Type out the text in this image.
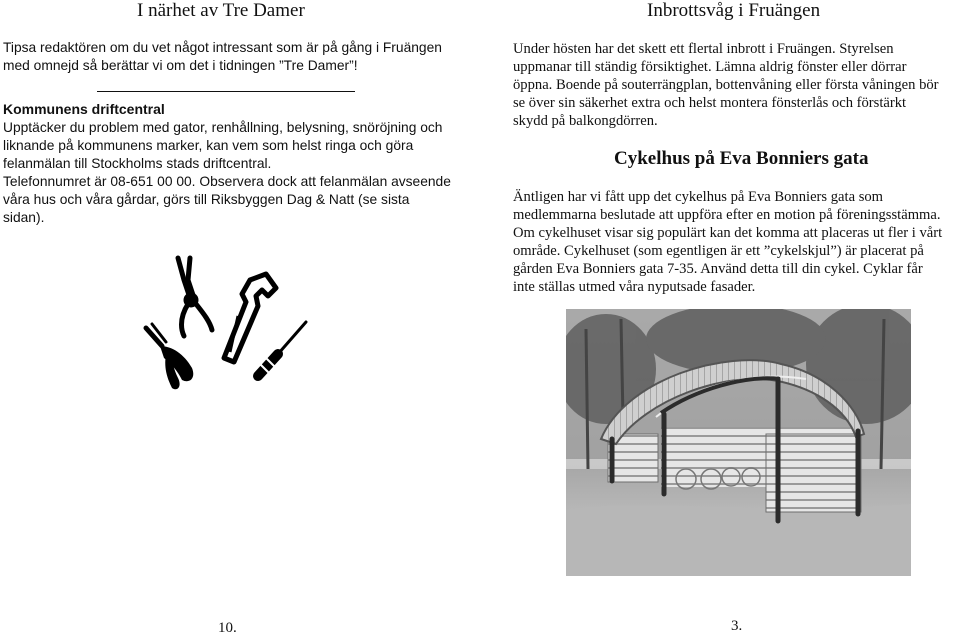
I närhet av Tre Damer
Tipsa redaktören om du vet något intressant som är på gång i Fruängen
med omnejd så berättar vi om det i tidningen ”Tre Damer”!
Kommunens driftcentral
Upptäcker du problem med gator, renhållning, belysning, snöröjning och
liknande på kommunens marker, kan vem som helst ringa och göra
felanmälan till Stockholms stads driftcentral.
Telefonnumret är 08-651 00 00. Observera dock att felanmälan avseende
våra hus och våra gårdar, görs till Riksbyggen Dag & Natt (se sista
sidan).

10.

Inbrottsvåg i Fruängen
Under hösten har det skett ett flertal inbrott i Fruängen. Styrelsen
uppmanar till ständig försiktighet. Lämna aldrig fönster eller dörrar
öppna. Boende på souterrängplan, bottenvåning eller första våningen bör
se över sin säkerhet extra och helst montera fönsterlås och förstärkt
skydd på balkongdörren.
Cykelhus på Eva Bonniers gata
Äntligen har vi fått upp det cykelhus på Eva Bonniers gata som
medlemmarna beslutade att uppföra efter en motion på föreningsstämma.
Om cykelhuset visar sig populärt kan det komma att placeras ut fler i vårt
område. Cykelhuset (som egentligen är ett ”cykelskjul”) är placerat på
gården Eva Bonniers gata 7-35. Använd detta till din cykel. Cyklar får
inte ställas utmed våra nyputsade fasader.

3.
